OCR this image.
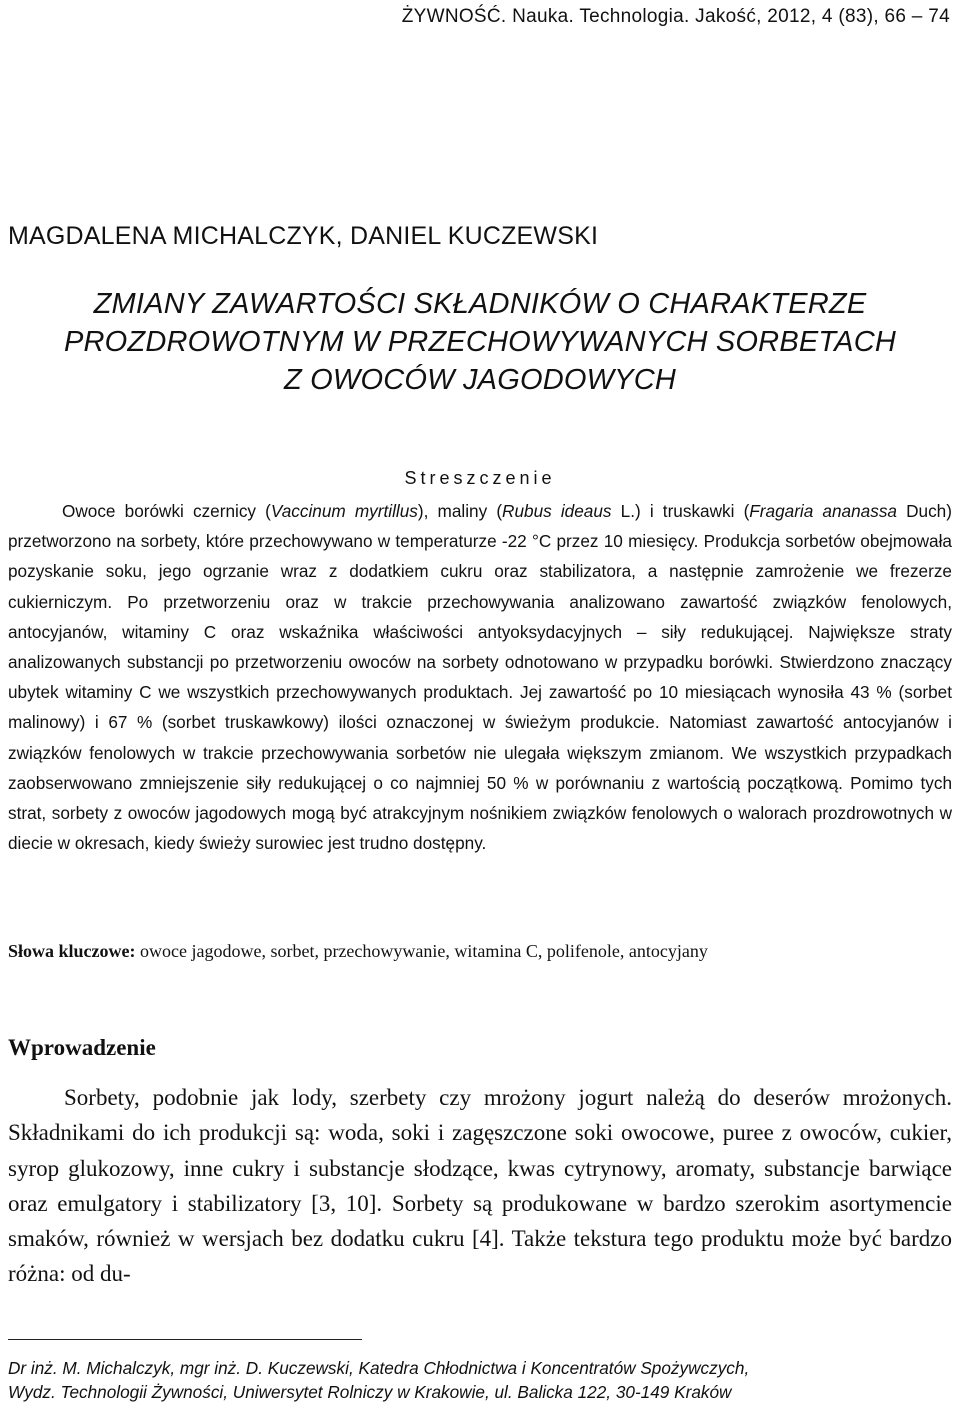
ŻYWNOŚĆ. Nauka. Technologia. Jakość, 2012, 4 (83), 66 – 74
MAGDALENA MICHALCZYK, DANIEL KUCZEWSKI
ZMIANY ZAWARTOŚCI SKŁADNIKÓW O CHARAKTERZE
PROZDROWOTNYM W PRZECHOWYWANYCH SORBETACH
Z OWOCÓW JAGODOWYCH
Streszczenie

Owoce borówki czernicy (Vaccinum myrtillus), maliny (Rubus ideaus L.) i truskawki (Fragaria ananassa Duch) przetworzono na sorbety, które przechowywano w temperaturze -22 °C przez 10 miesięcy. Produkcja sorbetów obejmowała pozyskanie soku, jego ogrzanie wraz z dodatkiem cukru oraz stabilizatora, a następnie zamrożenie we frezerze cukierniczym. Po przetworzeniu oraz w trakcie przechowywania analizowano zawartość związków fenolowych, antocyjanów, witaminy C oraz wskaźnika właściwości antyoksydacyjnych – siły redukującej. Największe straty analizowanych substancji po przetworzeniu owoców na sorbety odnotowano w przypadku borówki. Stwierdzono znaczący ubytek witaminy C we wszystkich przechowywanych produktach. Jej zawartość po 10 miesiącach wynosiła 43 % (sorbet malinowy) i 67 % (sorbet truskawkowy) ilości oznaczonej w świeżym produkcie. Natomiast zawartość antocyjanów i związków fenolowych w trakcie przechowywania sorbetów nie ulegała większym zmianom. We wszystkich przypadkach zaobserwowano zmniejszenie siły redukującej o co najmniej 50 % w porównaniu z wartością początkową. Pomimo tych strat, sorbety z owoców jagodowych mogą być atrakcyjnym nośnikiem związków fenolowych o walorach prozdrowotnych w diecie w okresach, kiedy świeży surowiec jest trudno dostępny.

Słowa kluczowe: owoce jagodowe, sorbet, przechowywanie, witamina C, polifenole, antocyjany
Wprowadzenie

Sorbety, podobnie jak lody, szerbety czy mrożony jogurt należą do deserów mrożonych. Składnikami do ich produkcji są: woda, soki i zagęszczone soki owocowe, puree z owoców, cukier, syrop glukozowy, inne cukry i substancje słodzące, kwas cytrynowy, aromaty, substancje barwiące oraz emulgatory i stabilizatory [3, 10]. Sorbety są produkowane w bardzo szerokim asortymencie smaków, również w wersjach bez dodatku cukru [4]. Także tekstura tego produktu może być bardzo różna: od du-

Dr inż. M. Michalczyk, mgr inż. D. Kuczewski, Katedra Chłodnictwa i Koncentratów Spożywczych,
Wydz. Technologii Żywności, Uniwersytet Rolniczy w Krakowie, ul. Balicka 122, 30-149 Kraków
